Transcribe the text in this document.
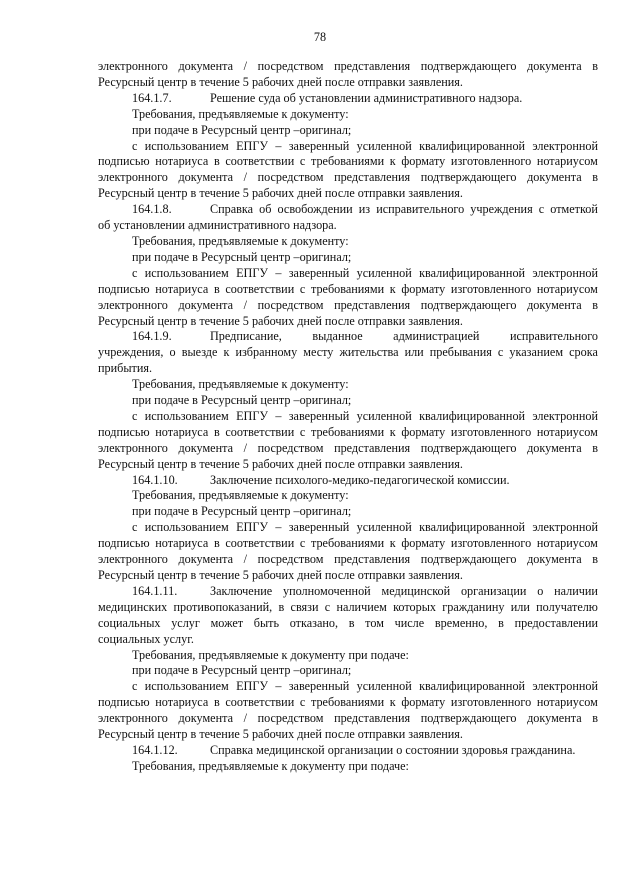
78
электронного документа / посредством представления подтверждающего документа в
Ресурсный центр в течение 5 рабочих дней после отправки заявления.
164.1.7.	Решение суда об установлении административного надзора.
Требования, предъявляемые к документу:
при подаче в Ресурсный центр –оригинал;
с использованием ЕПГУ – заверенный усиленной квалифицированной электронной
подписью нотариуса в соответствии с требованиями к формату изготовленного нотариусом
электронного документа / посредством представления подтверждающего документа в
Ресурсный центр в течение 5 рабочих дней после отправки заявления.
164.1.8.	Справка об освобождении из исправительного учреждения с отметкой
об установлении административного надзора.
Требования, предъявляемые к документу:
при подаче в Ресурсный центр –оригинал;
с использованием ЕПГУ – заверенный усиленной квалифицированной электронной
подписью нотариуса в соответствии с требованиями к формату изготовленного нотариусом
электронного документа / посредством представления подтверждающего документа в
Ресурсный центр в течение 5 рабочих дней после отправки заявления.
164.1.9.	Предписание,	выданное	администрацией	исправительного
учреждения, о выезде к избранному месту жительства или пребывания с указанием срока
прибытия.
Требования, предъявляемые к документу:
при подаче в Ресурсный центр –оригинал;
с использованием ЕПГУ – заверенный усиленной квалифицированной электронной
подписью нотариуса в соответствии с требованиями к формату изготовленного нотариусом
электронного документа / посредством представления подтверждающего документа в
Ресурсный центр в течение 5 рабочих дней после отправки заявления.
164.1.10.	Заключение психолого-медико-педагогической комиссии.
Требования, предъявляемые к документу:
при подаче в Ресурсный центр –оригинал;
с использованием ЕПГУ – заверенный усиленной квалифицированной электронной
подписью нотариуса в соответствии с требованиями к формату изготовленного нотариусом
электронного документа / посредством представления подтверждающего документа в
Ресурсный центр в течение 5 рабочих дней после отправки заявления.
164.1.11.	Заключение уполномоченной медицинской организации о наличии
медицинских противопоказаний, в связи с наличием которых гражданину или получателю
социальных услуг может быть отказано, в том числе временно, в предоставлении
социальных услуг.
Требования, предъявляемые к документу при подаче:
при подаче в Ресурсный центр –оригинал;
с использованием ЕПГУ – заверенный усиленной квалифицированной электронной
подписью нотариуса в соответствии с требованиями к формату изготовленного нотариусом
электронного документа / посредством представления подтверждающего документа в
Ресурсный центр в течение 5 рабочих дней после отправки заявления.
164.1.12.	Справка медицинской организации о состоянии здоровья гражданина.
Требования, предъявляемые к документу при подаче:
